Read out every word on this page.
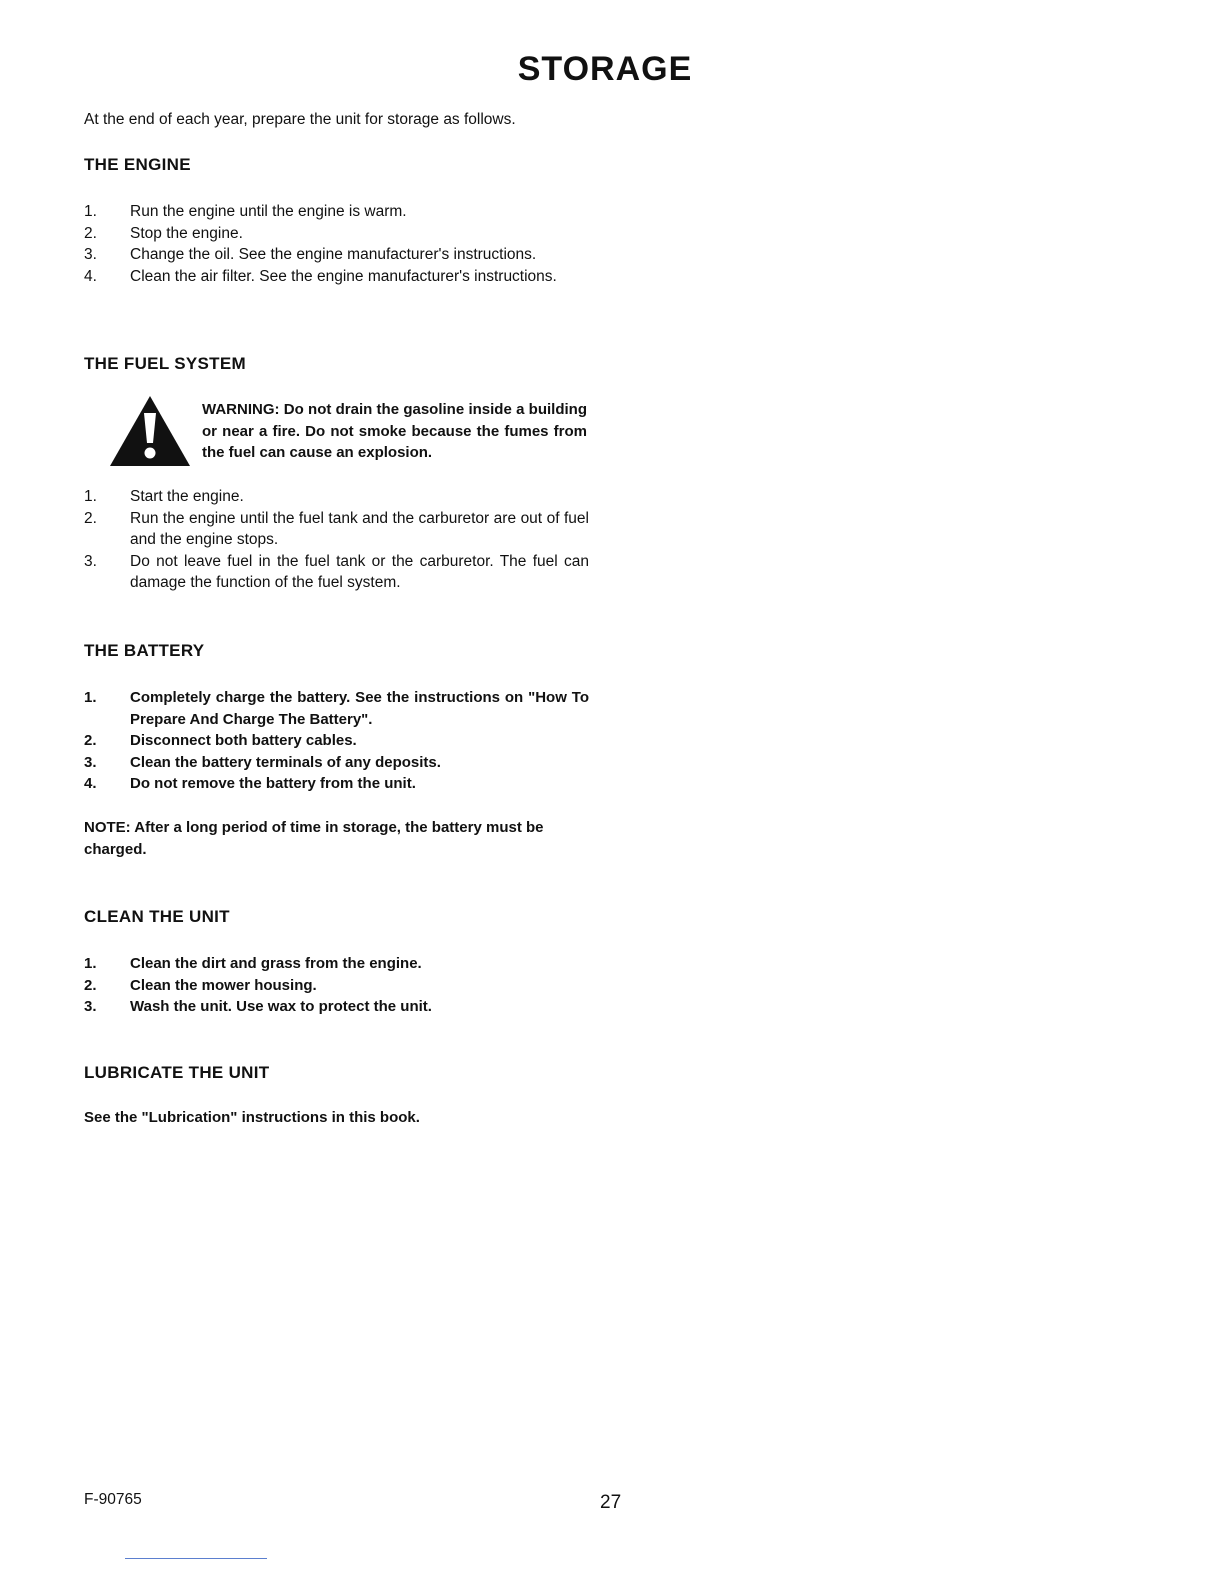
STORAGE
At the end of each year, prepare the unit for storage as follows.
THE ENGINE
1. Run the engine until the engine is warm.
2. Stop the engine.
3. Change the oil. See the engine manufacturer's instructions.
4. Clean the air filter. See the engine manufacturer's instructions.
THE FUEL SYSTEM
WARNING: Do not drain the gasoline inside a building or near a fire. Do not smoke because the fumes from the fuel can cause an explosion.
1. Start the engine.
2. Run the engine until the fuel tank and the carburetor are out of fuel and the engine stops.
3. Do not leave fuel in the fuel tank or the carburetor. The fuel can damage the function of the fuel system.
THE BATTERY
1. Completely charge the battery. See the instructions on "How To Prepare And Charge The Battery".
2. Disconnect both battery cables.
3. Clean the battery terminals of any deposits.
4. Do not remove the battery from the unit.
NOTE: After a long period of time in storage, the battery must be charged.
CLEAN THE UNIT
1. Clean the dirt and grass from the engine.
2. Clean the mower housing.
3. Wash the unit. Use wax to protect the unit.
LUBRICATE THE UNIT
See the "Lubrication" instructions in this book.
F-90765	27
